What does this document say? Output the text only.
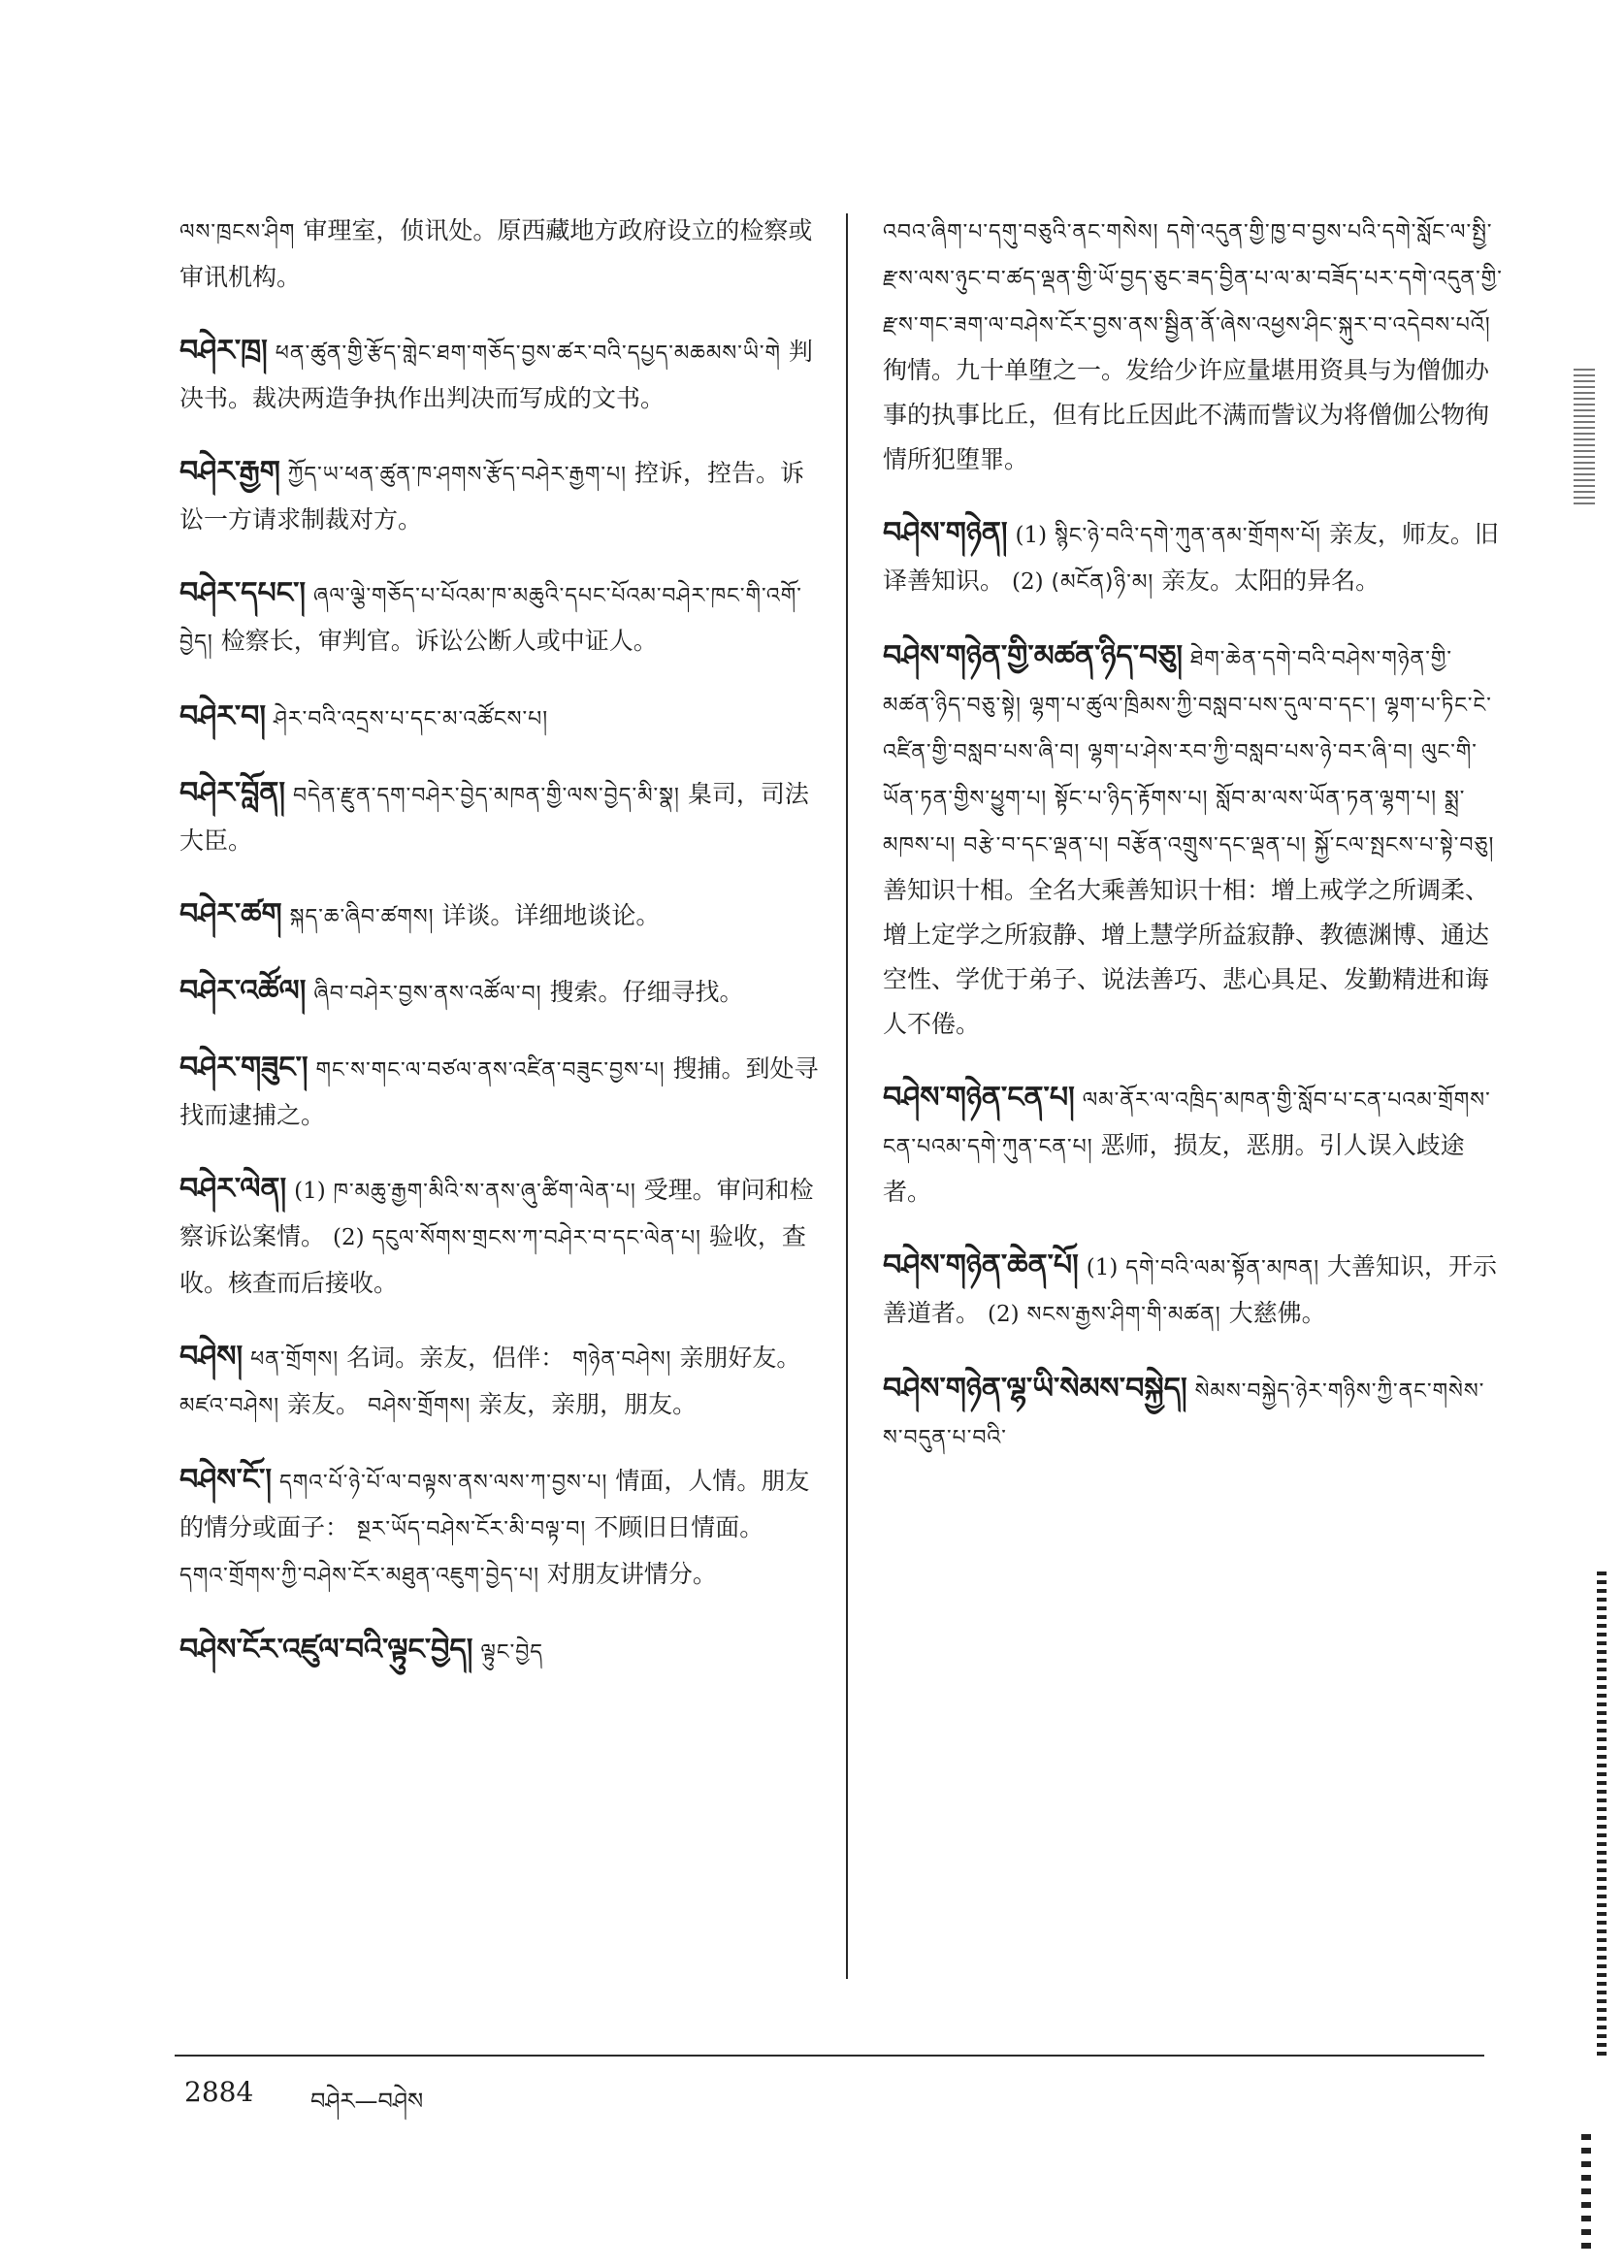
ལས་ཁྲངས་ཤིག 审理室，侦讯处。原西藏地方政府设立的检察或审讯机构。
བཤེར་ཁྲ། ཕན་ཚུན་གྱི་རྩོད་གླེང་ཐག་གཅོད་བྱས་ཚར་བའི་དཔྱད་མཆམས་ཡི་གེ 判决书。裁决两造争执作出判决而写成的文书。
བཤེར་རྒྱག ཀྱོད་ཡ་ཕན་ཚུན་ཁ་ཤགས་རྩོད་བཤེར་རྒྱག་པ། 控诉，控告。诉讼一方请求制裁对方。
བཤེར་དཔང་། ཞལ་ལྕེ་གཅོད་པ་པོའམ་ཁ་མཆུའི་དཔང་པོའམ་བཤེར་ཁང་གི་འགོ་བྱེད། 检察长，审判官。诉讼公断人或中证人。
བཤེར་བ། ཤེར་བའི་འདྲས་པ་དང་མ་འཚོངས་པ།
བཤེར་བློན། བདེན་རྫུན་དག་བཤེར་བྱེད་མཁན་གྱི་ལས་བྱེད་མི་སྣ། 臬司，司法大臣。
བཤེར་ཚག སྐད་ཆ་ཞིབ་ཚགས། 详谈。详细地谈论。
བཤེར་འཚོལ། ཞིབ་བཤེར་བྱས་ནས་འཚོལ་བ། 搜索。仔细寻找。
བཤེར་གཟུང་། གང་ས་གང་ལ་བཙལ་ནས་འཛིན་བཟུང་བྱས་པ། 搜捕。到处寻找而逮捕之。
བཤེར་ལེན། (1) ཁ་མཆུ་རྒྱག་མིའི་ས་ནས་ཞུ་ཚིག་ལེན་པ། 受理。审问和检察诉讼案情。 (2) དངུལ་སོགས་གྲངས་ཀ་བཤེར་བ་དང་ལེན་པ། 验收，查收。核查而后接收。
བཤེས། ཕན་གྲོགས། 名词。亲友，侣伴： གཉེན་བཤེས། 亲朋好友。 མཛའ་བཤེས། 亲友。 བཤེས་གྲོགས། 亲友，亲朋，朋友。
བཤེས་ངོ་། དགའ་པོ་ཉེ་པོ་ལ་བལྟས་ནས་ལས་ཀ་བྱས་པ། 情面，人情。朋友的情分或面子： སྔར་ཡོད་བཤེས་ངོར་མི་བལྟ་བ། 不顾旧日情面。 དགའ་གྲོགས་ཀྱི་བཤེས་ངོར་མཐུན་འཇུག་བྱེད་པ། 对朋友讲情分。
བཤེས་ངོར་འཛུལ་བའི་ལྟུང་བྱེད། ལྟུང་བྱེད
འབའ་ཞིག་པ་དགུ་བཅུའི་ནང་གསེས། དགེ་འདུན་གྱི་ཁྱ་བ་བྱས་པའི་དགེ་སློང་ལ་སྤྱི་རྫས་ལས་ཉུང་བ་ཚད་ལྡན་གྱི་ཡོ་བྱད་ཅུང་ཟད་བྱིན་པ་ལ་མ་བཟོད་པར་དགེ་འདུན་གྱི་རྫས་གང་ཟག་ལ་བཤེས་ངོར་བྱས་ནས་སྦྱིན་ནོ་ཞེས་འཕྱས་ཤིང་སྐུར་བ་འདེབས་པའོ། 徇情。九十单堕之一。发给少许应量堪用资具与为僧伽办事的执事比丘，但有比丘因此不满而訾议为将僧伽公物徇情所犯堕罪。
བཤེས་གཉེན། (1) སྙིང་ཉེ་བའི་དགེ་ཀུན་ནམ་གྲོགས་པོ། 亲友，师友。旧译善知识。 (2) (མངོན)ཉི་མ། 亲友。太阳的异名。
བཤེས་གཉེན་གྱི་མཚན་ཉིད་བཅུ། ཐེག་ཆེན་དགེ་བའི་བཤེས་གཉེན་གྱི་མཚན་ཉིད་བཅུ་སྟེ། ལྷག་པ་ཚུལ་ཁྲིམས་ཀྱི་བསླབ་པས་དུལ་བ་དང་། ལྷག་པ་ཏིང་ངེ་འཛིན་གྱི་བསླབ་པས་ཞི་བ། ལྷག་པ་ཤེས་རབ་ཀྱི་བསླབ་པས་ཉེ་བར་ཞི་བ། ལུང་གི་ཡོན་ཏན་གྱིས་ཕྱུག་པ། སྟོང་པ་ཉིད་རྟོགས་པ། སློབ་མ་ལས་ཡོན་ཏན་ལྷག་པ། སྨྲ་མཁས་པ། བརྩེ་བ་དང་ལྡན་པ། བརྩོན་འགྲུས་དང་ལྡན་པ། སྐྱོ་ངལ་སྤངས་པ་སྟེ་བཅུ། 善知识十相。全名大乘善知识十相：增上戒学之所调柔、增上定学之所寂静、增上慧学所益寂静、教德渊博、通达空性、学优于弟子、说法善巧、悲心具足、发勤精进和诲人不倦。
བཤེས་གཉེན་ངན་པ། ལམ་ནོར་ལ་འཁྲིད་མཁན་གྱི་སློབ་པ་ངན་པའམ་གྲོགས་ངན་པའམ་དགེ་ཀུན་ངན་པ། 恶师，损友，恶朋。引人误入歧途者。
བཤེས་གཉེན་ཆེན་པོ། (1) དགེ་བའི་ལམ་སྟོན་མཁན། 大善知识，开示善道者。 (2) སངས་རྒྱས་ཤིག་གི་མཚན། 大慈佛。
བཤེས་གཉེན་ལྷ་ཡི་སེམས་བསྐྱེད། སེམས་བསྐྱེད་ཉེར་གཉིས་ཀྱི་ནང་གསེས་ས་བདུན་པ་བའི་
2884 བཤེར—བཤེས
